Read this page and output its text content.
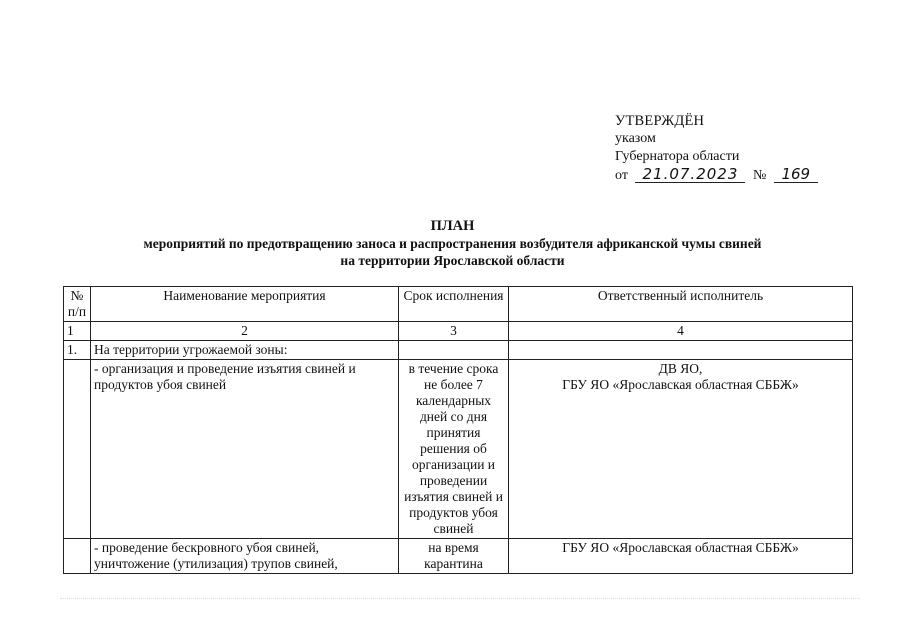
УТВЕРЖДЁН
указом
Губернатора области
от 21.07.2023 № 169
ПЛАН
мероприятий по предотвращению заноса и распространения возбудителя африканской чумы свиней
на территории Ярославской области
№ п/п	Наименование мероприятия	Срок исполнения	Ответственный исполнитель
1	2	3	4
1.	На территории угрожаемой зоны:		
	- организация и проведение изъятия свиней и продуктов убоя свиней	в течение срока не более 7 календарных дней со дня принятия решения об организации и проведении изъятия свиней и продуктов убоя свиней	ДВ ЯО,
ГБУ ЯО «Ярославская областная СББЖ»

	- проведение бескровного убоя свиней, уничтожение (утилизация) трупов свиней,	на время карантина	ГБУ ЯО «Ярославская областная СББЖ»
